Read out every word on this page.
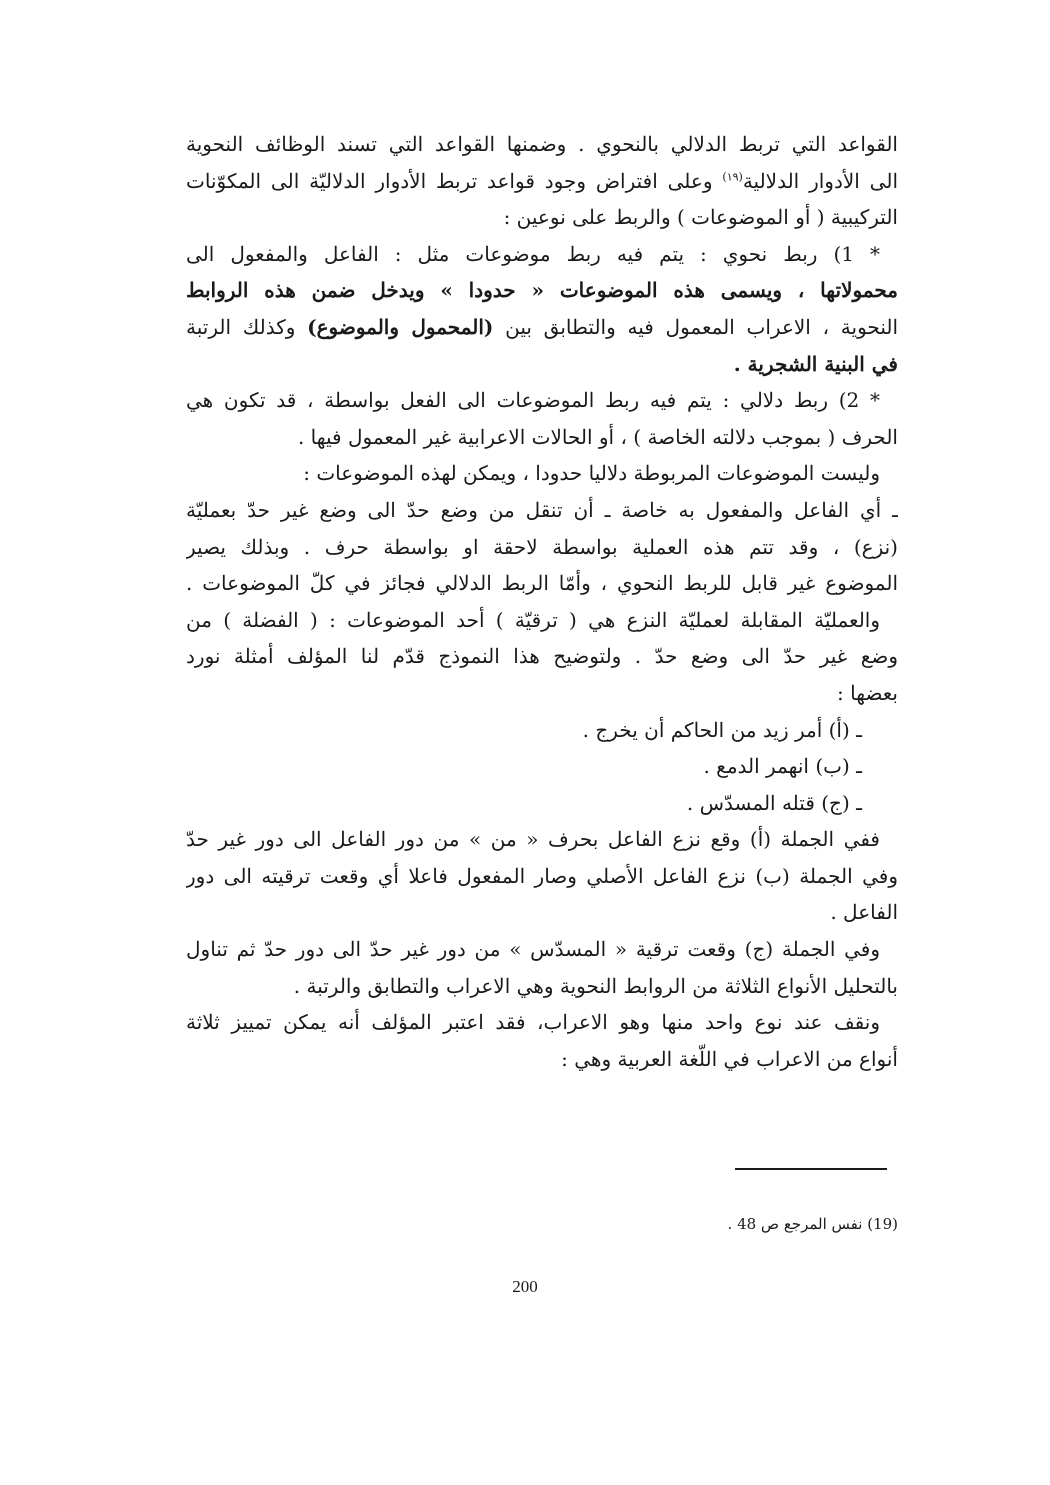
القواعد التي تربط الدلالي بالنحوي . وضمنها القواعد التي تسند الوظائف النحوية
الى الأدوار الدلالية$^{(١٩)}$ وعلى افتراض وجود قواعد تربط الأدوار الدلاليّة الى المكوّنات
التركيبية ( أو الموضوعات ) والربط على نوعين :
* 1) ربط نحوي : يتم فيه ربط موضوعات مثل : الفاعل والمفعول الى
محمولاتها ، ويسمى هذه الموضوعات « حدودا » ويدخل ضمن هذه الروابط
النحوية ، الاعراب المعمول فيه والتطابق بين (المحمول والموضوع) وكذلك الرتبة
في البنية الشجرية .
* 2) ربط دلالي : يتم فيه ربط الموضوعات الى الفعل بواسطة ، قد تكون هي
الحرف ( بموجب دلالته الخاصة ) ، أو الحالات الاعرابية غير المعمول فيها .
وليست الموضوعات المربوطة دلاليا حدودا ، ويمكن لهذه الموضوعات :
ـ أي الفاعل والمفعول به خاصة ـ أن تنقل من وضع حدّ الى وضع غير حدّ بعمليّة
(نزع) ، وقد تتم هذه العملية بواسطة لاحقة او بواسطة حرف . وبذلك يصير
الموضوع غير قابل للربط النحوي ، وأمّا الربط الدلالي فجائز في كلّ الموضوعات .
والعمليّة المقابلة لعمليّة النزع هي ( ترقيّة ) أحد الموضوعات : ( الفضلة ) من
وضع غير حدّ الى وضع حدّ . ولتوضيح هذا النموذج قدّم لنا المؤلف أمثلة نورد
بعضها :
ـ (أ) أمر زيد من الحاكم أن يخرج .
ـ (ب) انهمر الدمع .
ـ (ج) قتله المسدّس .
ففي الجملة (أ) وقع نزع الفاعل بحرف « من » من دور الفاعل الى دور غير حدّ
وفي الجملة (ب) نزع الفاعل الأصلي وصار المفعول فاعلا أي وقعت ترقيته الى دور
الفاعل .
وفي الجملة (ج) وقعت ترقية « المسدّس » من دور غير حدّ الى دور حدّ ثم تناول
بالتحليل الأنواع الثلاثة من الروابط النحوية وهي الاعراب والتطابق والرتبة .
ونقف عند نوع واحد منها وهو الاعراب، فقد اعتبر المؤلف أنه يمكن تمييز ثلاثة
أنواع من الاعراب في اللّغة العربية وهي :
(19) نفس المرجع ص 48 .
200
